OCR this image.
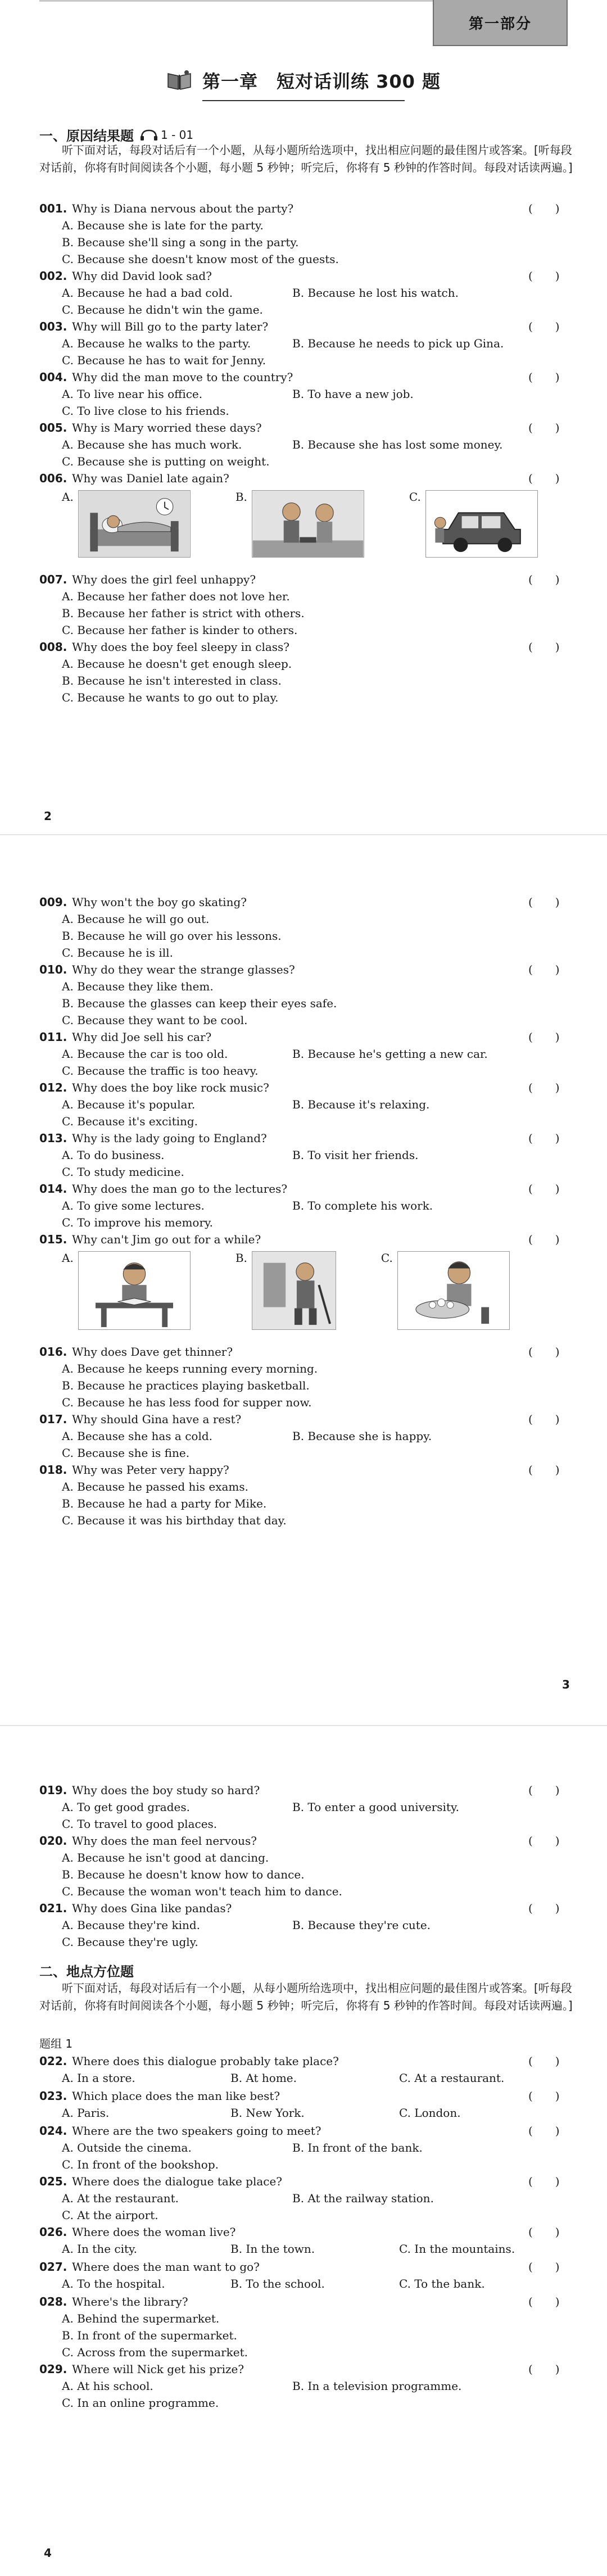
第一部分
第一章　短对话训练 300 题
一、原因结果题 1 - 01
听下面对话，每段对话后有一个小题，从每小题所给选项中，找出相应问题的最佳图片或答案。[听每段对话前，你将有时间阅读各个小题，每小题 5 秒钟；听完后，你将有 5 秒钟的作答时间。每段对话读两遍。]
001. Why is Diana nervous about the party?	()
A. Because she is late for the party.
B. Because she'll sing a song in the party.
C. Because she doesn't know most of the guests.
002. Why did David look sad?	()
A. Because he had a bad cold.	B. Because he lost his watch.
C. Because he didn't win the game.
003. Why will Bill go to the party later?	()
A. Because he walks to the party.	B. Because he needs to pick up Gina.
C. Because he has to wait for Jenny.
004. Why did the man move to the country?	()
A. To live near his office.	B. To have a new job.
C. To live close to his friends.
005. Why is Mary worried these days?	()
A. Because she has much work.	B. Because she has lost some money.
C. Because she is putting on weight.
006. Why was Daniel late again?	()
A.	B.	C.
007. Why does the girl feel unhappy?	()
A. Because her father does not love her.
B. Because her father is strict with others.
C. Because her father is kinder to others.
008. Why does the boy feel sleepy in class?	()
A. Because he doesn't get enough sleep.
B. Because he isn't interested in class.
C. Because he wants to go out to play.
2
009. Why won't the boy go skating?	()
A. Because he will go out.
B. Because he will go over his lessons.
C. Because he is ill.
010. Why do they wear the strange glasses?	()
A. Because they like them.
B. Because the glasses can keep their eyes safe.
C. Because they want to be cool.
011. Why did Joe sell his car?	()
A. Because the car is too old.	B. Because he's getting a new car.
C. Because the traffic is too heavy.
012. Why does the boy like rock music?	()
A. Because it's popular.	B. Because it's relaxing.
C. Because it's exciting.
013. Why is the lady going to England?	()
A. To do business.	B. To visit her friends.
C. To study medicine.
014. Why does the man go to the lectures?	()
A. To give some lectures.	B. To complete his work.
C. To improve his memory.
015. Why can't Jim go out for a while?	()
A.	B.	C.
016. Why does Dave get thinner?	()
A. Because he keeps running every morning.
B. Because he practices playing basketball.
C. Because he has less food for supper now.
017. Why should Gina have a rest?	()
A. Because she has a cold.	B. Because she is happy.
C. Because she is fine.
018. Why was Peter very happy?	()
A. Because he passed his exams.
B. Because he had a party for Mike.
C. Because it was his birthday that day.
3
019. Why does the boy study so hard?	()
A. To get good grades.	B. To enter a good university.
C. To travel to good places.
020. Why does the man feel nervous?	()
A. Because he isn't good at dancing.
B. Because he doesn't know how to dance.
C. Because the woman won't teach him to dance.
021. Why does Gina like pandas?	()
A. Because they're kind.	B. Because they're cute.
C. Because they're ugly.
二、地点方位题
听下面对话，每段对话后有一个小题，从每小题所给选项中，找出相应问题的最佳图片或答案。[听每段对话前，你将有时间阅读各个小题，每小题 5 秒钟；听完后，你将有 5 秒钟的作答时间。每段对话读两遍。]
题组 1
022. Where does this dialogue probably take place?	()
A. In a store.	B. At home.	C. At a restaurant.
023. Which place does the man like best?	()
A. Paris.	B. New York.	C. London.
024. Where are the two speakers going to meet?	()
A. Outside the cinema.	B. In front of the bank.
C. In front of the bookshop.
025. Where does the dialogue take place?	()
A. At the restaurant.	B. At the railway station.
C. At the airport.
026. Where does the woman live?	()
A. In the city.	B. In the town.	C. In the mountains.
027. Where does the man want to go?	()
A. To the hospital.	B. To the school.	C. To the bank.
028. Where's the library?	()
A. Behind the supermarket.
B. In front of the supermarket.
C. Across from the supermarket.
029. Where will Nick get his prize?	()
A. At his school.	B. In a television programme.
C. In an online programme.
4
